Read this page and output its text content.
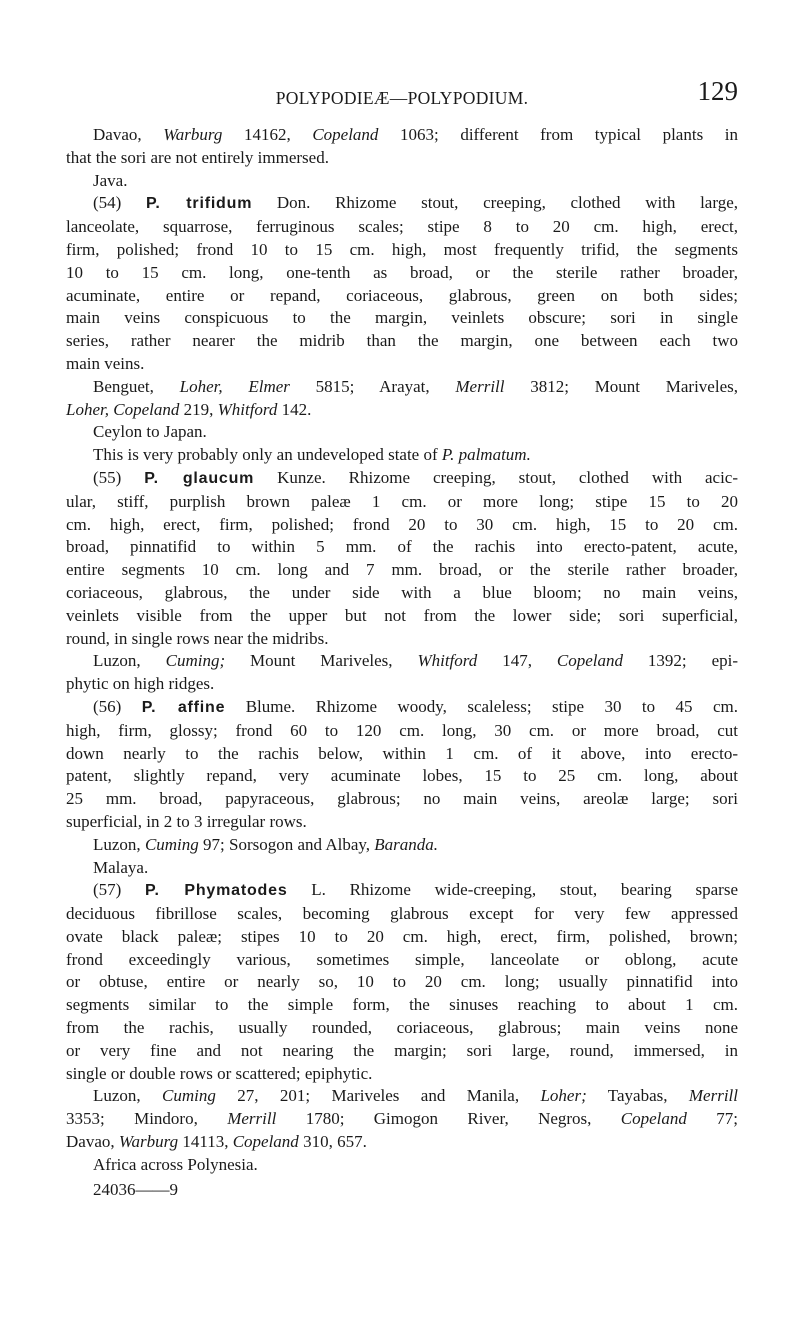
POLYPODIEÆ—POLYPODIUM.	129
Davao, Warburg 14162, Copeland 1063; different from typical plants in
that the sori are not entirely immersed.
Java.
(54) P. trifidum Don. Rhizome stout, creeping, clothed with large,
lanceolate, squarrose, ferruginous scales; stipe 8 to 20 cm. high, erect,
firm, polished; frond 10 to 15 cm. high, most frequently trifid, the segments
10 to 15 cm. long, one-tenth as broad, or the sterile rather broader,
acuminate, entire or repand, coriaceous, glabrous, green on both sides;
main veins conspicuous to the margin, veinlets obscure; sori in single
series, rather nearer the midrib than the margin, one between each two
main veins.
Benguet, Loher, Elmer 5815; Arayat, Merrill 3812; Mount Mariveles,
Loher, Copeland 219, Whitford 142.
Ceylon to Japan.
This is very probably only an undeveloped state of P. palmatum.
(55) P. glaucum Kunze. Rhizome creeping, stout, clothed with acic-
ular, stiff, purplish brown paleæ 1 cm. or more long; stipe 15 to 20
cm. high, erect, firm, polished; frond 20 to 30 cm. high, 15 to 20 cm.
broad, pinnatifid to within 5 mm. of the rachis into erecto-patent, acute,
entire segments 10 cm. long and 7 mm. broad, or the sterile rather broader,
coriaceous, glabrous, the under side with a blue bloom; no main veins,
veinlets visible from the upper but not from the lower side; sori superficial,
round, in single rows near the midribs.
Luzon, Cuming; Mount Mariveles, Whitford 147, Copeland 1392; epi-
phytic on high ridges.
(56) P. affine Blume. Rhizome woody, scaleless; stipe 30 to 45 cm.
high, firm, glossy; frond 60 to 120 cm. long, 30 cm. or more broad, cut
down nearly to the rachis below, within 1 cm. of it above, into erecto-
patent, slightly repand, very acuminate lobes, 15 to 25 cm. long, about
25 mm. broad, papyraceous, glabrous; no main veins, areolæ large; sori
superficial, in 2 to 3 irregular rows.
Luzon, Cuming 97; Sorsogon and Albay, Baranda.
Malaya.
(57) P. Phymatodes L. Rhizome wide-creeping, stout, bearing sparse
deciduous fibrillose scales, becoming glabrous except for very few appressed
ovate black paleæ; stipes 10 to 20 cm. high, erect, firm, polished, brown;
frond exceedingly various, sometimes simple, lanceolate or oblong, acute
or obtuse, entire or nearly so, 10 to 20 cm. long; usually pinnatifid into
segments similar to the simple form, the sinuses reaching to about 1 cm.
from the rachis, usually rounded, coriaceous, glabrous; main veins none
or very fine and not nearing the margin; sori large, round, immersed, in
single or double rows or scattered; epiphytic.
Luzon, Cuming 27, 201; Mariveles and Manila, Loher; Tayabas, Merrill
3353; Mindoro, Merrill 1780; Gimogon River, Negros, Copeland 77;
Davao, Warburg 14113, Copeland 310, 657.
Africa across Polynesia.
24036——9
